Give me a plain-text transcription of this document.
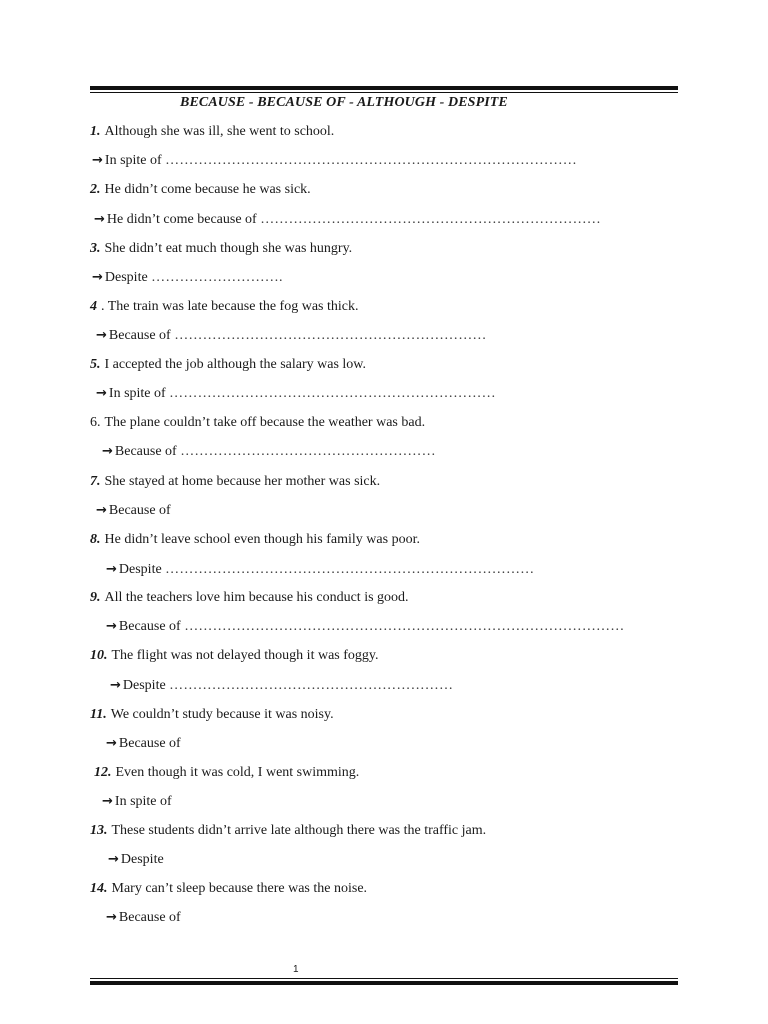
BECAUSE - BECAUSE OF - ALTHOUGH - DESPITE
1. Although she was ill, she went to school.
→ In spite of ……………………………………………………………………………
2. He didn’t come because he was sick.
→ He didn’t come because of ………………………………………………………………
3. She didn’t eat much though she was hungry.
→ Despite ……………………….
4 . The train was late because the fog was thick.
→ Because of …………………………………………………………
5. I accepted the job although the salary was low.
→ In spite of ……………………………………………………………
6. The plane couldn’t take off because the weather was bad.
→ Because of ………………………………………………
7. She stayed at home because her mother was sick.
→ Because of
8. He didn’t leave school even though his family was poor.
→ Despite ……………………………………………………………………
9. All the teachers love him because his conduct is good.
→ Because of …………………………………………………………………………………
10. The flight was not delayed though it was foggy.
→ Despite ……………………………………………………
11. We couldn’t study because it was noisy.
→ Because of
12. Even though it was cold, I went swimming.
→ In spite of
13. These students didn’t arrive late although there was the traffic jam.
→ Despite
14. Mary can’t sleep because there was the noise.
→ Because of
1
